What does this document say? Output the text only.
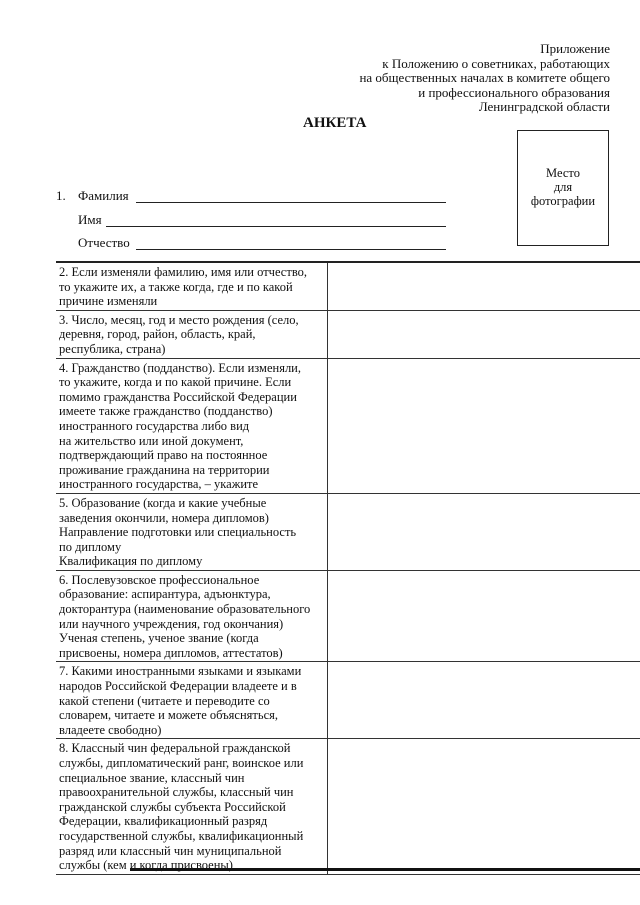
Приложение
к Положению о советниках, работающих
на общественных началах в комитете общего
и профессионального образования
Ленинградской области
АНКЕТА
Место
для
фотографии
1. Фамилия
Имя
Отчество
2. Если изменяли фамилию, имя или отчество,
то укажите их, а также когда, где и по какой
причине изменяли
3. Число, месяц, год и место рождения (село,
деревня, город, район, область, край,
республика, страна)
4. Гражданство (подданство). Если изменяли,
то укажите, когда и по какой причине. Если
помимо гражданства Российской Федерации
имеете также гражданство (подданство)
иностранного государства либо вид
на жительство или иной документ,
подтверждающий право на постоянное
проживание гражданина на территории
иностранного государства, – укажите
5. Образование (когда и какие учебные
заведения окончили, номера дипломов)
Направление подготовки или специальность
по диплому
Квалификация по диплому
6. Послевузовское профессиональное
образование: аспирантура, адъюнктура,
докторантура (наименование образовательного
или научного учреждения, год окончания)
Ученая степень, ученое звание (когда
присвоены, номера дипломов, аттестатов)
7. Какими иностранными языками и языками
народов Российской Федерации владеете и в
какой степени (читаете и переводите со
словарем, читаете и можете объясняться,
владеете свободно)
8. Классный чин федеральной гражданской
службы, дипломатический ранг, воинское или
специальное звание, классный чин
правоохранительной службы, классный чин
гражданской службы субъекта Российской
Федерации, квалификационный разряд
государственной службы, квалификационный
разряд или классный чин муниципальной
службы (кем и когда присвоены)
